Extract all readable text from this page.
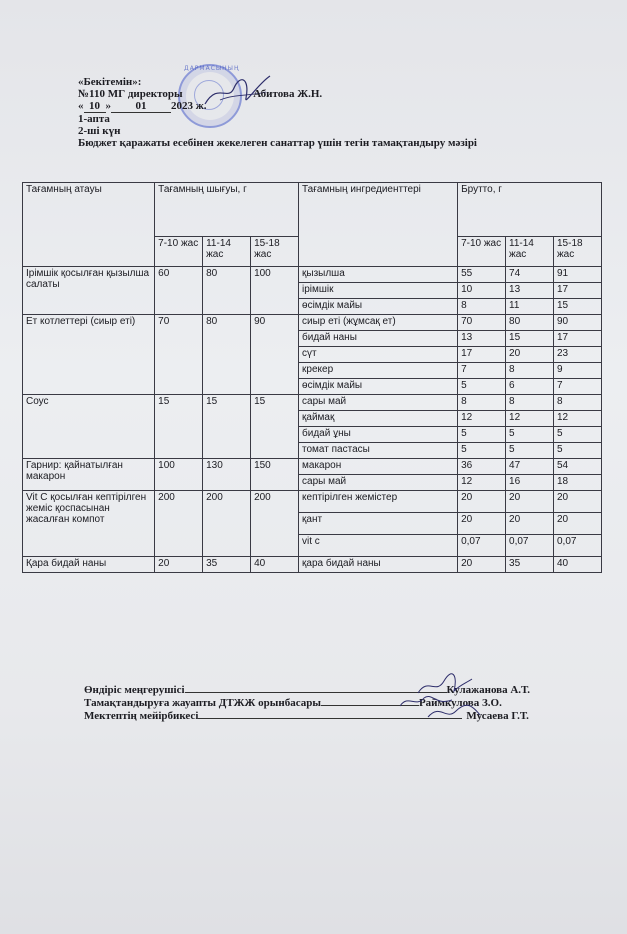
ДАРМАСЫНЫҢ
«Бекітемін»:
№110 МГ директоры	Абитова Ж.Н.
« 10 » 01 2023 ж.
1-апта
2-ші күн
Бюджет қаражаты есебінен жекелеген санаттар үшін тегін тамақтандыру мәзірі
Тағамның атауы	Тағамның шығуы, г			Тағамның ингредиенттері	Брутто, г		
	7-10 жас	11-14 жас	15-18 жас		7-10 жас	11-14 жас	15-18 жас
Ірімшік қосылған қызылша салаты	60	80	100	қызылша	55	74	91
				ірімшік	10	13	17
				өсімдік майы	8	11	15
Ет котлеттері (сиыр еті)	70	80	90	сиыр еті (жұмсақ ет)	70	80	90
				бидай наны	13	15	17
				сүт	17	20	23
				крекер	7	8	9
				өсімдік майы	5	6	7
Соус	15	15	15	сары май	8	8	8
				қаймақ	12	12	12
				бидай ұны	5	5	5
				томат пастасы	5	5	5
Гарнир: қайнатылған макарон	100	130	150	макарон	36	47	54
				сары май	12	16	18
Vit C қосылған кептірілген жеміс қоспасынан жасалған компот	200	200	200	кептірілген жемістер	20	20	20
				қант	20	20	20
				vit c	0,07	0,07	0,07
Қара бидай наны	20	35	40	қара бидай наны	20	35	40
Өндіріс меңгерушісі	Кулажанова А.Т.
Тамақтандыруға жауапты ДТЖЖ орынбасары	Раймкулова З.О.
Мектептің мейірбикесі	Мусаева Г.Т.
